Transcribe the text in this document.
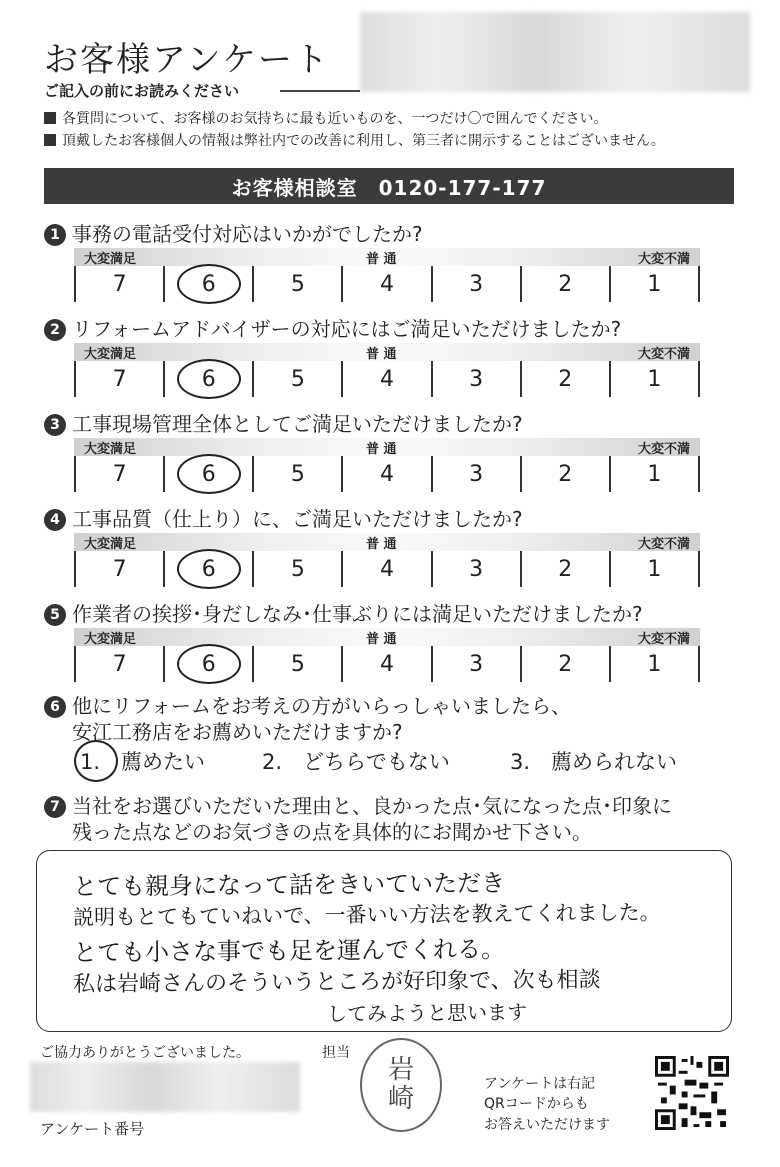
お客様アンケート
ご記入の前にお読みください
各質問について、お客様のお気持ちに最も近いものを、一つだけ〇で囲んでください。
頂戴したお客様個人の情報は弊社内での改善に利用し、第三者に開示することはございません。
お客様相談室　0120-177-177
1 事務の電話受付対応はいかがでしたか?
大変満足	普 通	大変不満
7	6	5	4	3	2	1
2 リフォームアドバイザーの対応にはご満足いただけましたか?
大変満足	普 通	大変不満
7	6	5	4	3	2	1
3 工事現場管理全体としてご満足いただけましたか?
大変満足	普 通	大変不満
7	6	5	4	3	2	1
4 工事品質（仕上り）に、ご満足いただけましたか?
大変満足	普 通	大変不満
7	6	5	4	3	2	1
5 作業者の挨拶･身だしなみ･仕事ぶりには満足いただけましたか?
大変満足	普 通	大変不満
7	6	5	4	3	2	1
6 他にリフォームをお考えの方がいらっしゃいましたら、
安江工務店をお薦めいただけますか?
1.　薦めたい	2.　どちらでもない	3.　薦められない
7 当社をお選びいただいた理由と、良かった点･気になった点･印象に
残った点などのお気づきの点を具体的にお聞かせ下さい。
とても親身になって話をきいていただき
説明もとてもていねいで、一番いい方法を教えてくれました。
とても小さな事でも足を運んでくれる。
私は岩崎さんのそういうところが好印象で、次も相談
してみようと思います
ご協力ありがとうございました。	担当
アンケート番号
岩
崎	アンケートは右記
QRコードからも
お答えいただけます
